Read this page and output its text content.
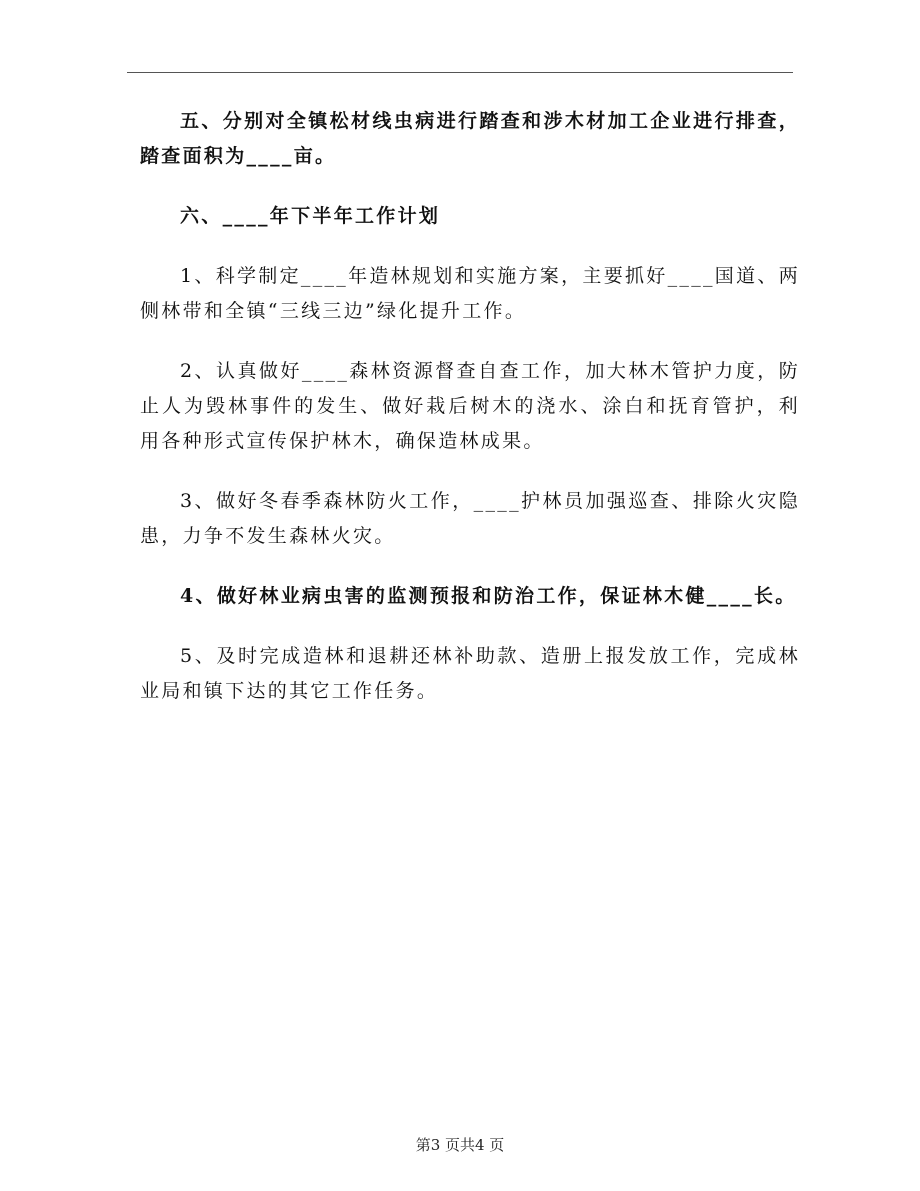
五、分别对全镇松材线虫病进行踏查和涉木材加工企业进行排查，踏查面积为____亩。

六、____年下半年工作计划

1、科学制定____年造林规划和实施方案，主要抓好____国道、两侧林带和全镇“三线三边”绿化提升工作。

2、认真做好____森林资源督查自查工作，加大林木管护力度，防止人为毁林事件的发生、做好栽后树木的浇水、涂白和抚育管护，利用各种形式宣传保护林木，确保造林成果。

3、做好冬春季森林防火工作，____护林员加强巡查、排除火灾隐患，力争不发生森林火灾。

4、做好林业病虫害的监测预报和防治工作，保证林木健____长。

5、及时完成造林和退耕还林补助款、造册上报发放工作，完成林业局和镇下达的其它工作任务。

第3 页共4 页
